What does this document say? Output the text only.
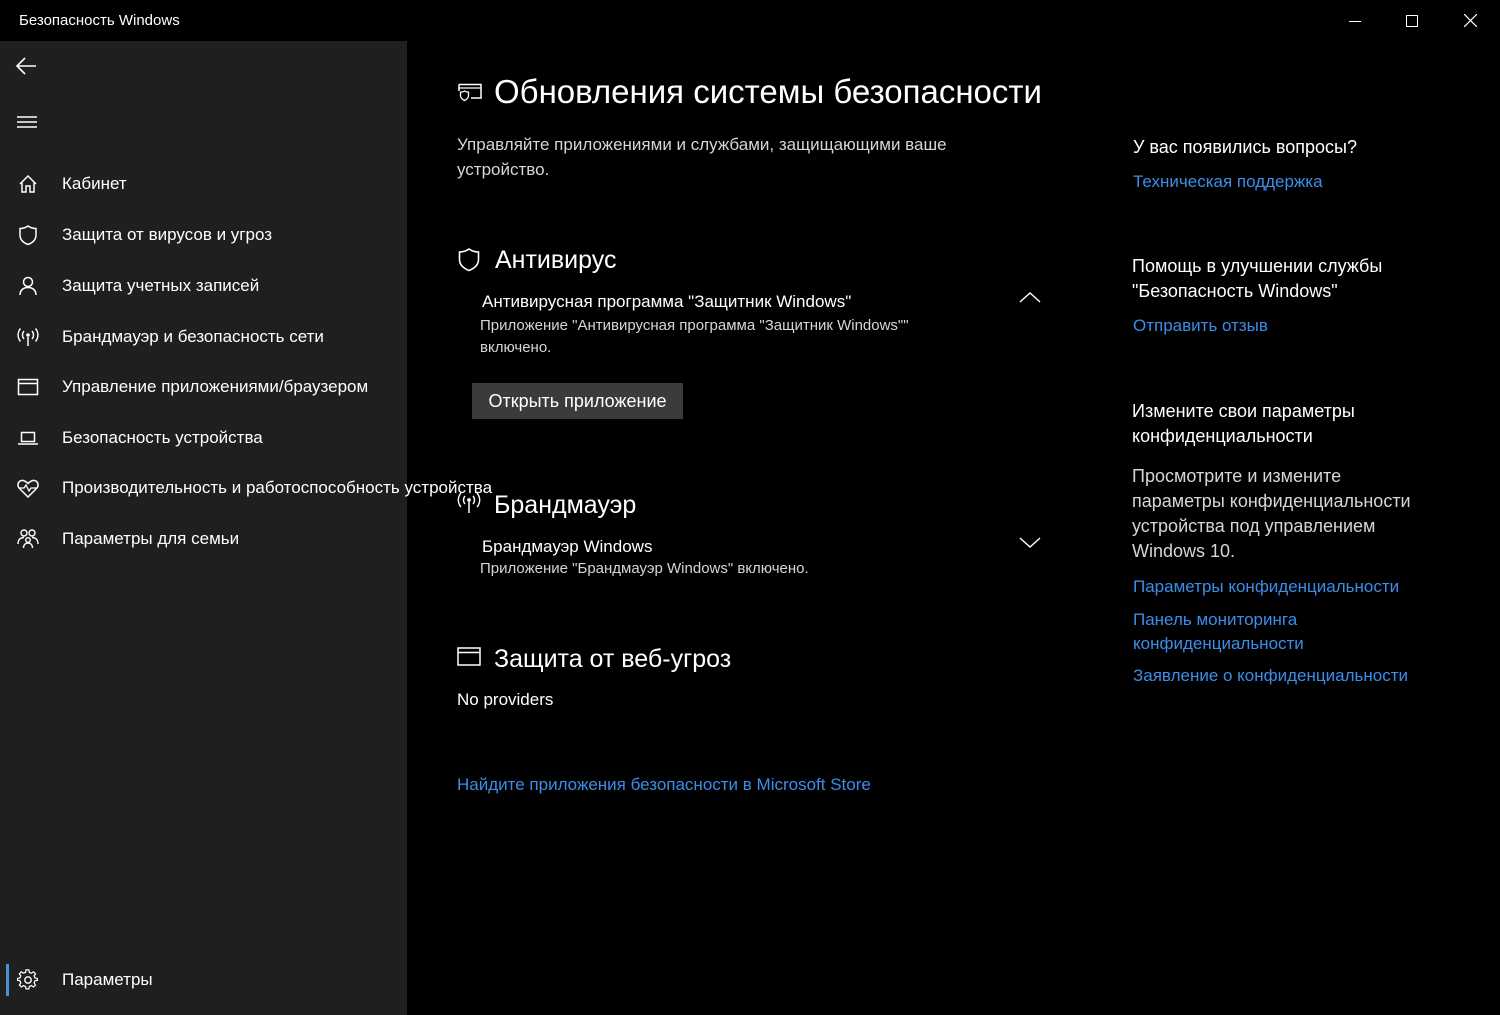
Безопасность Windows
Кабинет
Защита от вирусов и угроз
Защита учетных записей
Брандмауэр и безопасность сети
Управление приложениями/браузером
Безопасность устройства
Производительность и работоспособность устройства
Параметры для семьи
Параметры
Обновления системы безопасности
Управляйте приложениями и службами, защищающими ваше устройство.
Антивирус
Антивирусная программа "Защитник Windows"
Приложение "Антивирусная программа "Защитник Windows"" включено.
Открыть приложение
Брандмауэр
Брандмауэр Windows
Приложение "Брандмауэр Windows" включено.
Защита от веб-угроз
No providers
Найдите приложения безопасности в Microsoft Store
У вас появились вопросы?
Техническая поддержка
Помощь в улучшении службы "Безопасность Windows"
Отправить отзыв
Измените свои параметры конфиденциальности
Просмотрите и измените параметры конфиденциальности устройства под управлением Windows 10.
Параметры конфиденциальности
Панель мониторинга конфиденциальности
Заявление о конфиденциальности
